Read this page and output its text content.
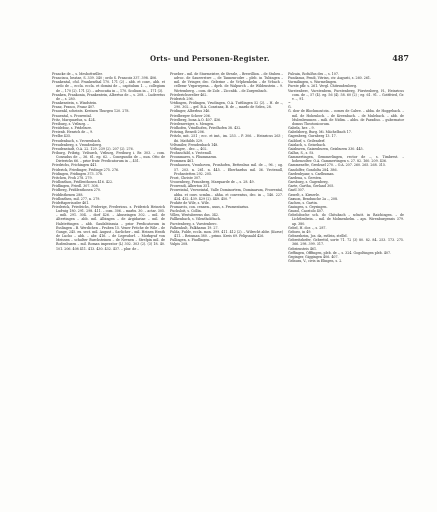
Orts- und Personen-Register.	487

Francke de –, s. Mesbottwiller.

Francisca, beatae, S. 339. 340 ; ordo S. Francois 337. 398. 406.

Frankental, cfol. Frankenthal 170. 171 (2) – abb. et conv., abb. et ordo de –, eccla. eccla. et domini de –, capitulum 1. –, collegium de –, 170 (2). 171 (2). – advocatia in –, 170. Scolium in –, 171 (3).

Franken, Frankonia, Frankentein, Albertus de –, s. 208. – Luderetus de –, s. 280.

Frankenstein, s. Windstein.

Franz, Franco, Franz 407.

Frauenkl, scheints. Kestnen Thurgeu 120. 278.

Frauental, s. Frowental.

Fritz, Marquardus, u. 424.

Freiburg, s. Vriburg. –

Freidebuz, s. Fridebure.

Freienb. Henrich de –, 9.

Frelbe 435.

Freudenbach, s. Vrowenbach.

Freudenberg, s. Vrondenberg.

Freudenstadt, O.A. 22. 129. 239 (2). 207 (2). 276.

Friburg, Fribrig, Vriburch, Vriburg, Freiburg i. Br. 303. – com. Conradus de –, 36. 61. eg. 62. – Conegundis de –, nun. Otto de Dietericks 66. – prior fratr. Predicatorum in –, 451.

Friedrichs, Frichingen 441.

Friderick, Friedinger, Fridinge 275. 276.

Fridingen, Fridingen 373. 378.

Fritchen, Froh 278. 279.

Fridlonthon, Fridlenthosen 416. 422.

Fridlingen, Friedl. 307. 308.

Fridberg, Fridilenthosen 270.

Friddisthenen 288.

Fridlonthen, mil. 277, n. 279.

Frideftaperisoder 461.

Friederick, Friedrichs, Friderige, Fredericus. s. Friderich Heinrich Ludwig 180. 291. 298. 411. – com. 306. – marbs. 30. – actar. 305. – mili. 291. 304. – dorf 426. – Abuseingen 302. – mil. de Altertingen – abb. mil. Albingen – de Argidariae – mil. de Halstettingen – abb. Gaufabtissuia – prior Predicatorum in Esslingen – B. Werdichen – Fruben 15. Vener Fritche de Wile – de Gunge, 245. ex. sect. mil. August – Sarlicher – mil. Heinen Henth de Lucho – abb. – abr. 416. – de Legesdorf. – Morkqraf von Meissen – schulter Burchsteinen – de Nevnen – Strelpin mil. de Rodenbusen – mil. Roman imperator (L) 302. 303 (2). (3) 18. 40. 101. 206. 408 411. 413. 430. 432. 437. – plur. de –

Frueber – mil. de Sturmeister, de Strssle, – Brewillion. – de Stuben – advoc. de Saueerstwe –, de Tannenrodre – pleb. in Tubingen – mil. de Vringer, dec. Gelerine – de Vrlphenhelm – de Vrbach – cellerar Vrgarwpena. – dprb. de Walpurch – de Wildenstein – 9. Wirtemberg. – com. de Zolr. – Ziccnbk. – de Zurgenbach.

Friederichswelier 462.

Friderich 296.

Vrtdingen, Fridingen, Vrudingen, O.A. Tuttlingen 52 (2). – H. de –, 290. 302. – gef. B.A. Constanz, B. de –, mardo de Selen, 28.

Fridinger, Alberbus 346.

Friedberger Scheer 206.

Friedberg, bona A.O. 407. 436.

Friedenweiger, s. Mengen.

Fridhofen, Vrindhofen, Friedhofen 38. 432.

Fritzing, Benedi 206.

Fritzlo, mit. 251 ; ecc. et imt., im. 253. – P. 306. – Heinricus 263 ; ibi. Mathilds 329.

Vrltsmiler, Freudenbach 148.

Vrtlinger, . dec. –, 402.

Frohnschild, s. Vrotenull.

Frounmares, s. Fliummarun.

Frommen 461.

Fronhausen, Vronhoven, Fronhofen, Bettenbus mil. de –, 96. ; og. 57. 203. n. 261. n. 445. – Eberhardus mil. 36. Vrotenull, Frohnstetten 292. 205.

Frost, Christe 307.

Vrouenberg, Fraunberg, Marquarde de –, s. 28. 49.

Frowendi, Alberton 351.

Froweintal, Vroweintal, Valle Dominortem, Dominarum, Frowental, abba. et conv. scmlm... ahha. et conventus, dec. in –, 146. 227. 424. 432. 439. 429 (2). 449. 450. *

Fruhite de Wile, s. Wile.

Frumarcis, con. cennen., uxus, s. Frumentarius.

Fuchsloit, s. Collin.

Villen, Westuberens dus. 342.

Fallkenbach, s. Vilentholdtach.

Furstenberg, s. Vurstenberc.

Falkenhult, Falkharan 19. 27.

Fulda, Fulde, eccla. mon. 399. 411. 412 (2). – Wilrecht abbr. (Kurse) 411. – Reinman 380. – primo. Kreis 69. Felipsnald 426.

Fullingen, s. Fiudlingen.

Vulpis 208.

Fulrain, Rcdulfus des –, s. 107.

Fundanus, Fendi, Vitrins, civ. Augusti, s. 260. 261.

Vurmilingen, s. Wurmelingen.

Furste pflr. s. 261. Vergl. Chitrsndenberg.

Vurstenberc, Vurstenbem, Furstenberg, Fürstenberg, H., Heinricus com. de –, 57 (4). eg. 56 (4). 58. 60 (2) ; eg. 61. 91. – Gottfried, Gr. v. –, 91.

~

G.

G. dow de Blochmoutcin. – comes de Calwe. – abba. de Hoggebach. – mil. de Hohenloch. – de Kreenbach. – de Mulebach. – abb. de Mulenbrunnen – mili. de Nidim. – abbs. de Paradiso. – gubernator domus Theotonicorum.

Gabela, her. – 9.

Gabelsberg, Burg. Mi. Mächelbach 17.

Gagenberg, Gurnberg 13. 17.

Gaildorf, s. Geilenderf.

Gaislach, s. Geisebach.

Gaisburen, Gaisenburen, Geisburen 330. 445.

Gallus, S., s. St.

Gammertingen, Gemmerlingen, rector de –, s. Timbrest. – hohenzolter. O.A. Gammertingen s. 27. 82. 160. 209. 436.

Gammenelte, Gredzael 270. – O.A. 207. 260. 265. 268. 315.

Gandolfer, Gondolta 284. 386.

Gardenbyanr, s. Carlbuman.

Gardena, s. Gersten.

Garsburg, s. Gagenberg.

Garte, Gartha, Gerland 305.

Gastl 307.

Gawelt, s. Kirnerle.

Gaxuon, Bendunche 2a –, 208.

Gachen, s. Gartin.

Gasingen, s. Geysingen.

Gausol, Caostolo 407.

Gebeloboche sch. do Chitubach – schutt. in Raichingen. – de Lichtlenbein. – mil. de Molmenhelm. – aps. Wirenburgensis 379. ap. 380.

Gebel, H. dor. –, s. 287.

Geboro, in 49.

Gebnesheim, Jos. da, estlein, stellel.

Gebreitzhefer, Gebrettd, sorte 71. 72 (3) 80. 82. 84. 253. 173. 275. 366. 298. 399. 317.

Gebriensteis 461.

Geffingen, Offfingen, pleb. de –, s. 324. Gogoltingen pleb. 407.

Geginger, Giggingen 406. 407.

Gelnura, V., civis in Elingen, s. 2.
